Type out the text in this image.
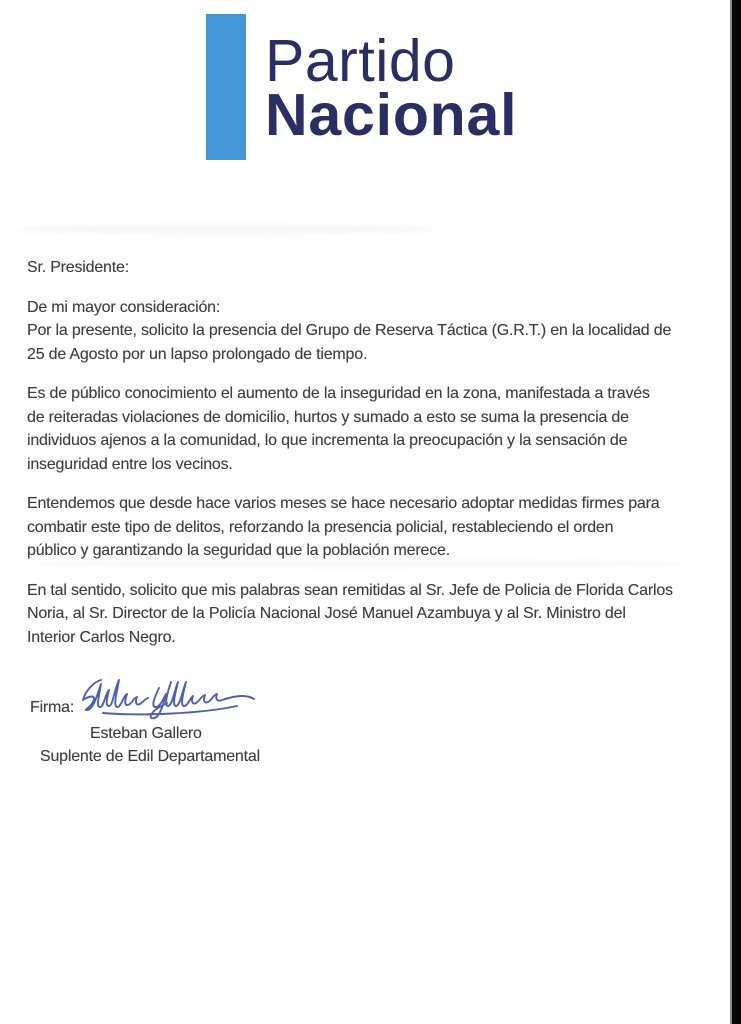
Partido
Nacional

Sr. Presidente:

De mi mayor consideración:
Por la presente, solicito la presencia del Grupo de Reserva Táctica (G.R.T.) en la localidad de
25 de Agosto por un lapso prolongado de tiempo.

Es de público conocimiento el aumento de la inseguridad en la zona, manifestada a través
de reiteradas violaciones de domicilio, hurtos y sumado a esto se suma la presencia de
individuos ajenos a la comunidad, lo que incrementa la preocupación y la sensación de
inseguridad entre los vecinos.

Entendemos que desde hace varios meses se hace necesario adoptar medidas firmes para
combatir este tipo de delitos, reforzando la presencia policial, restableciendo el orden
público y garantizando la seguridad que la población merece.

En tal sentido, solicito que mis palabras sean remitidas al Sr. Jefe de Policia de Florida Carlos
Noria, al Sr. Director de la Policía Nacional José Manuel Azambuya y al Sr. Ministro del
Interior Carlos Negro.

Firma:
Esteban Gallero
Suplente de Edil Departamental
